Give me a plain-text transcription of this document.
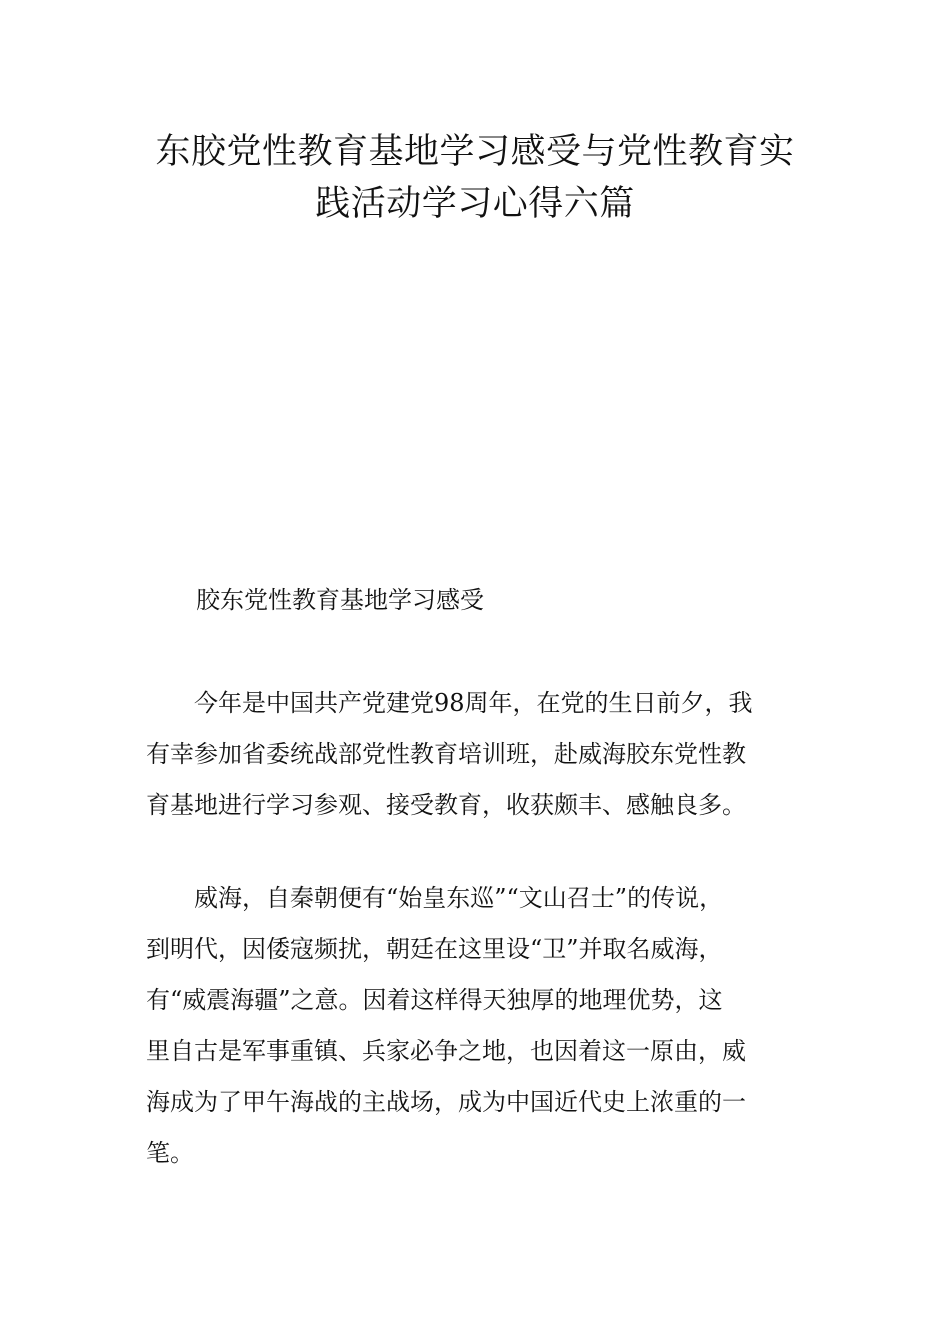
东胶党性教育基地学习感受与党性教育实
践活动学习心得六篇

胶东党性教育基地学习感受

今年是中国共产党建党98周年，在党的生日前夕，我
有幸参加省委统战部党性教育培训班，赴威海胶东党性教
育基地进行学习参观、接受教育，收获颇丰、感触良多。
威海，自秦朝便有“始皇东巡”“文山召士”的传说，
到明代，因倭寇频扰，朝廷在这里设“卫”并取名威海，
有“威震海疆”之意。因着这样得天独厚的地理优势，这
里自古是军事重镇、兵家必争之地，也因着这一原由，威
海成为了甲午海战的主战场，成为中国近代史上浓重的一
笔。
